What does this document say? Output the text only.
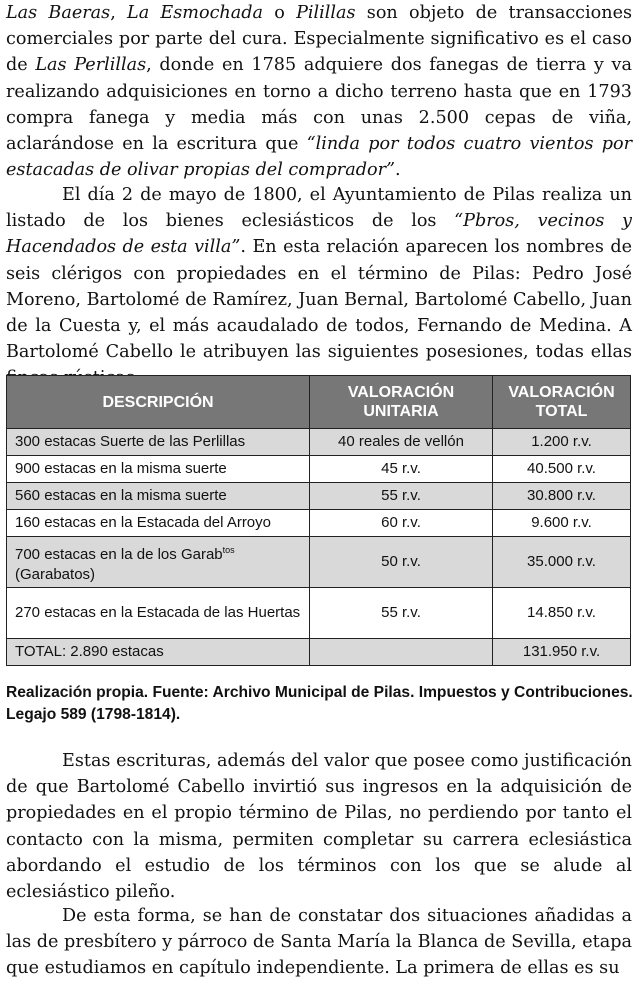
Las Baeras, La Esmochada o Pilillas son objeto de transacciones comerciales por parte del cura. Especialmente significativo es el caso de Las Perlillas, donde en 1785 adquiere dos fanegas de tierra y va realizando adquisiciones en torno a dicho terreno hasta que en 1793 compra fanega y media más con unas 2.500 cepas de viña, aclarándose en la escritura que “linda por todos cuatro vientos por estacadas de olivar propias del comprador”.

El día 2 de mayo de 1800, el Ayuntamiento de Pilas realiza un listado de los bienes eclesiásticos de los “Pbros, vecinos y Hacendados de esta villa”. En esta relación aparecen los nombres de seis clérigos con propiedades en el término de Pilas: Pedro José Moreno, Bartolomé de Ramírez, Juan Bernal, Bartolomé Cabello, Juan de la Cuesta y, el más acaudalado de todos, Fernando de Medina. A Bartolomé Cabello le atribuyen las siguientes posesiones, todas ellas

DESCRIPCIÓN	VALORACIÓN UNITARIA	VALORACIÓN TOTAL
300 estacas Suerte de las Perlillas	40 reales de vellón	1.200 r.v.
900 estacas en la misma suerte	45 r.v.	40.500 r.v.
560 estacas en la misma suerte	55 r.v.	30.800 r.v.
160 estacas en la Estacada del Arroyo	60 r.v.	9.600 r.v.
700 estacas en la de los Garab$^{tos}$
(Garabatos)	50 r.v.	35.000 r.v.
270 estacas en la Estacada de las Huertas	55 r.v.	14.850 r.v.
TOTAL: 2.890 estacas		131.950 r.v.

Realización propia. Fuente: Archivo Municipal de Pilas. Impuestos y Contribuciones. Legajo 589 (1798-1814).

Estas escrituras, además del valor que posee como justificación de que Bartolomé Cabello invirtió sus ingresos en la adquisición de propiedades en el propio término de Pilas, no perdiendo por tanto el contacto con la misma, permiten completar su carrera eclesiástica abordando el estudio de los términos con los que se alude al eclesiástico pileño.

De esta forma, se han de constatar dos situaciones añadidas a las de presbítero y párroco de Santa María la Blanca de Sevilla, etapa que estudiamos en capítulo independiente. La primera de ellas es su
